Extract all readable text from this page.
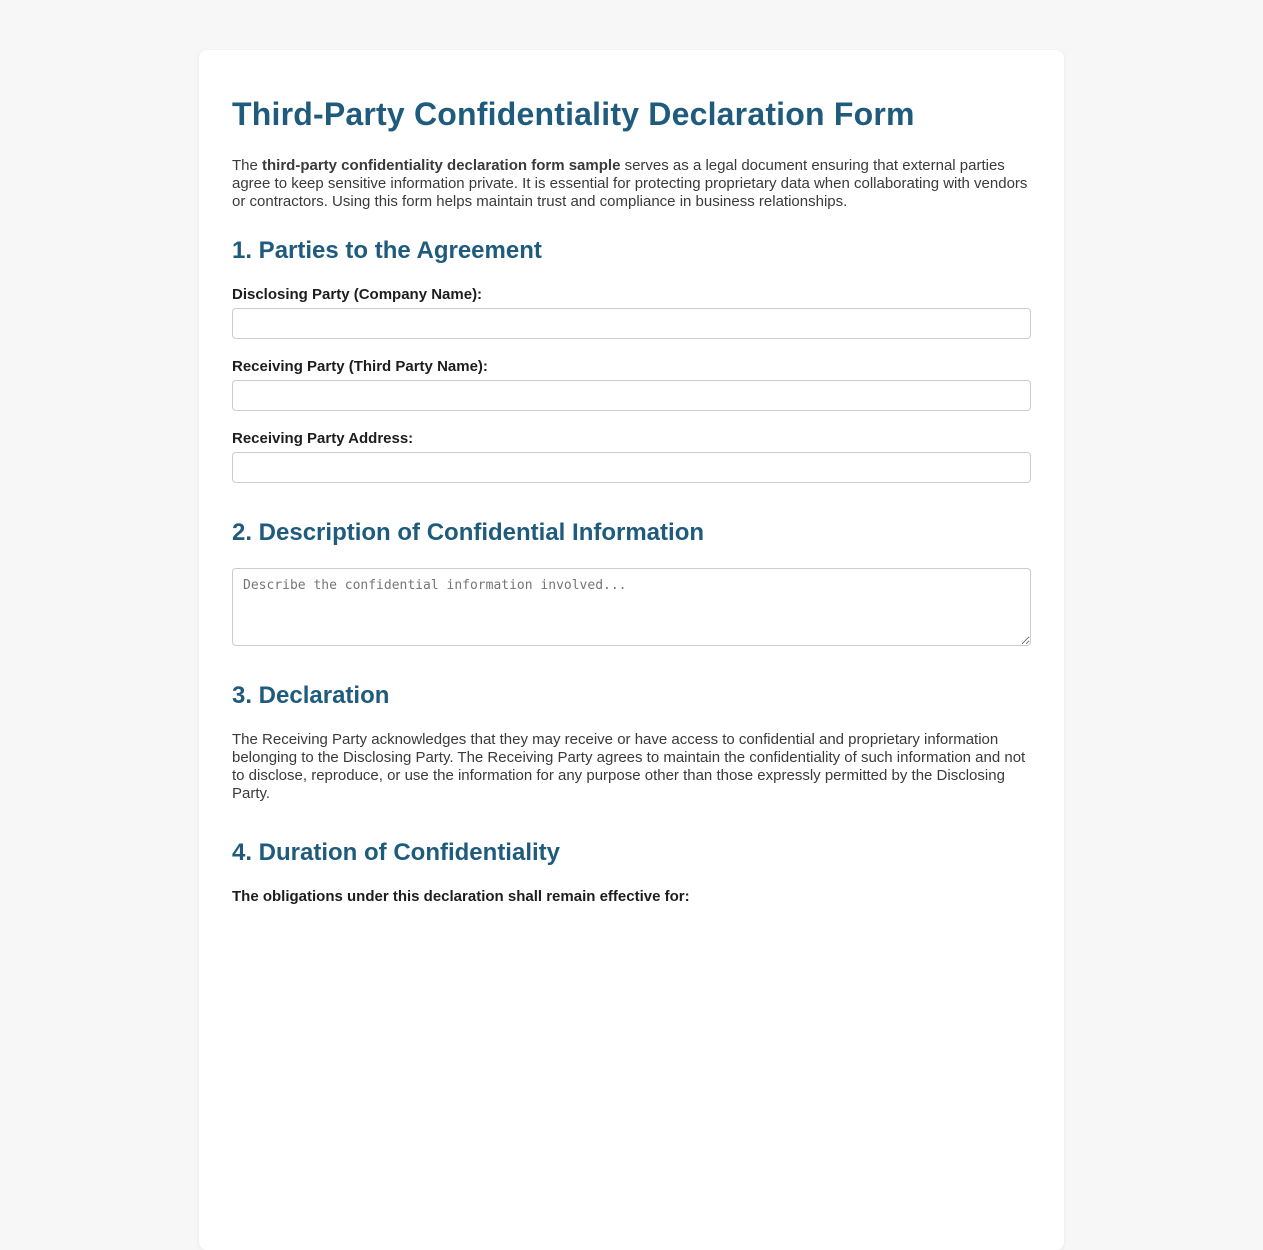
Third-Party Confidentiality Declaration Form

The third-party confidentiality declaration form sample serves as a legal document ensuring that external parties agree to keep sensitive information private. It is essential for protecting proprietary data when collaborating with vendors or contractors. Using this form helps maintain trust and compliance in business relationships.

1. Parties to the Agreement
Disclosing Party (Company Name):
Receiving Party (Third Party Name):
Receiving Party Address:
2. Description of Confidential Information
Describe the confidential information involved...
3. Declaration

The Receiving Party acknowledges that they may receive or have access to confidential and proprietary information belonging to the Disclosing Party. The Receiving Party agrees to maintain the confidentiality of such information and not to disclose, reproduce, or use the information for any purpose other than those expressly permitted by the Disclosing Party.

4. Duration of Confidentiality
The obligations under this declaration shall remain effective for:
